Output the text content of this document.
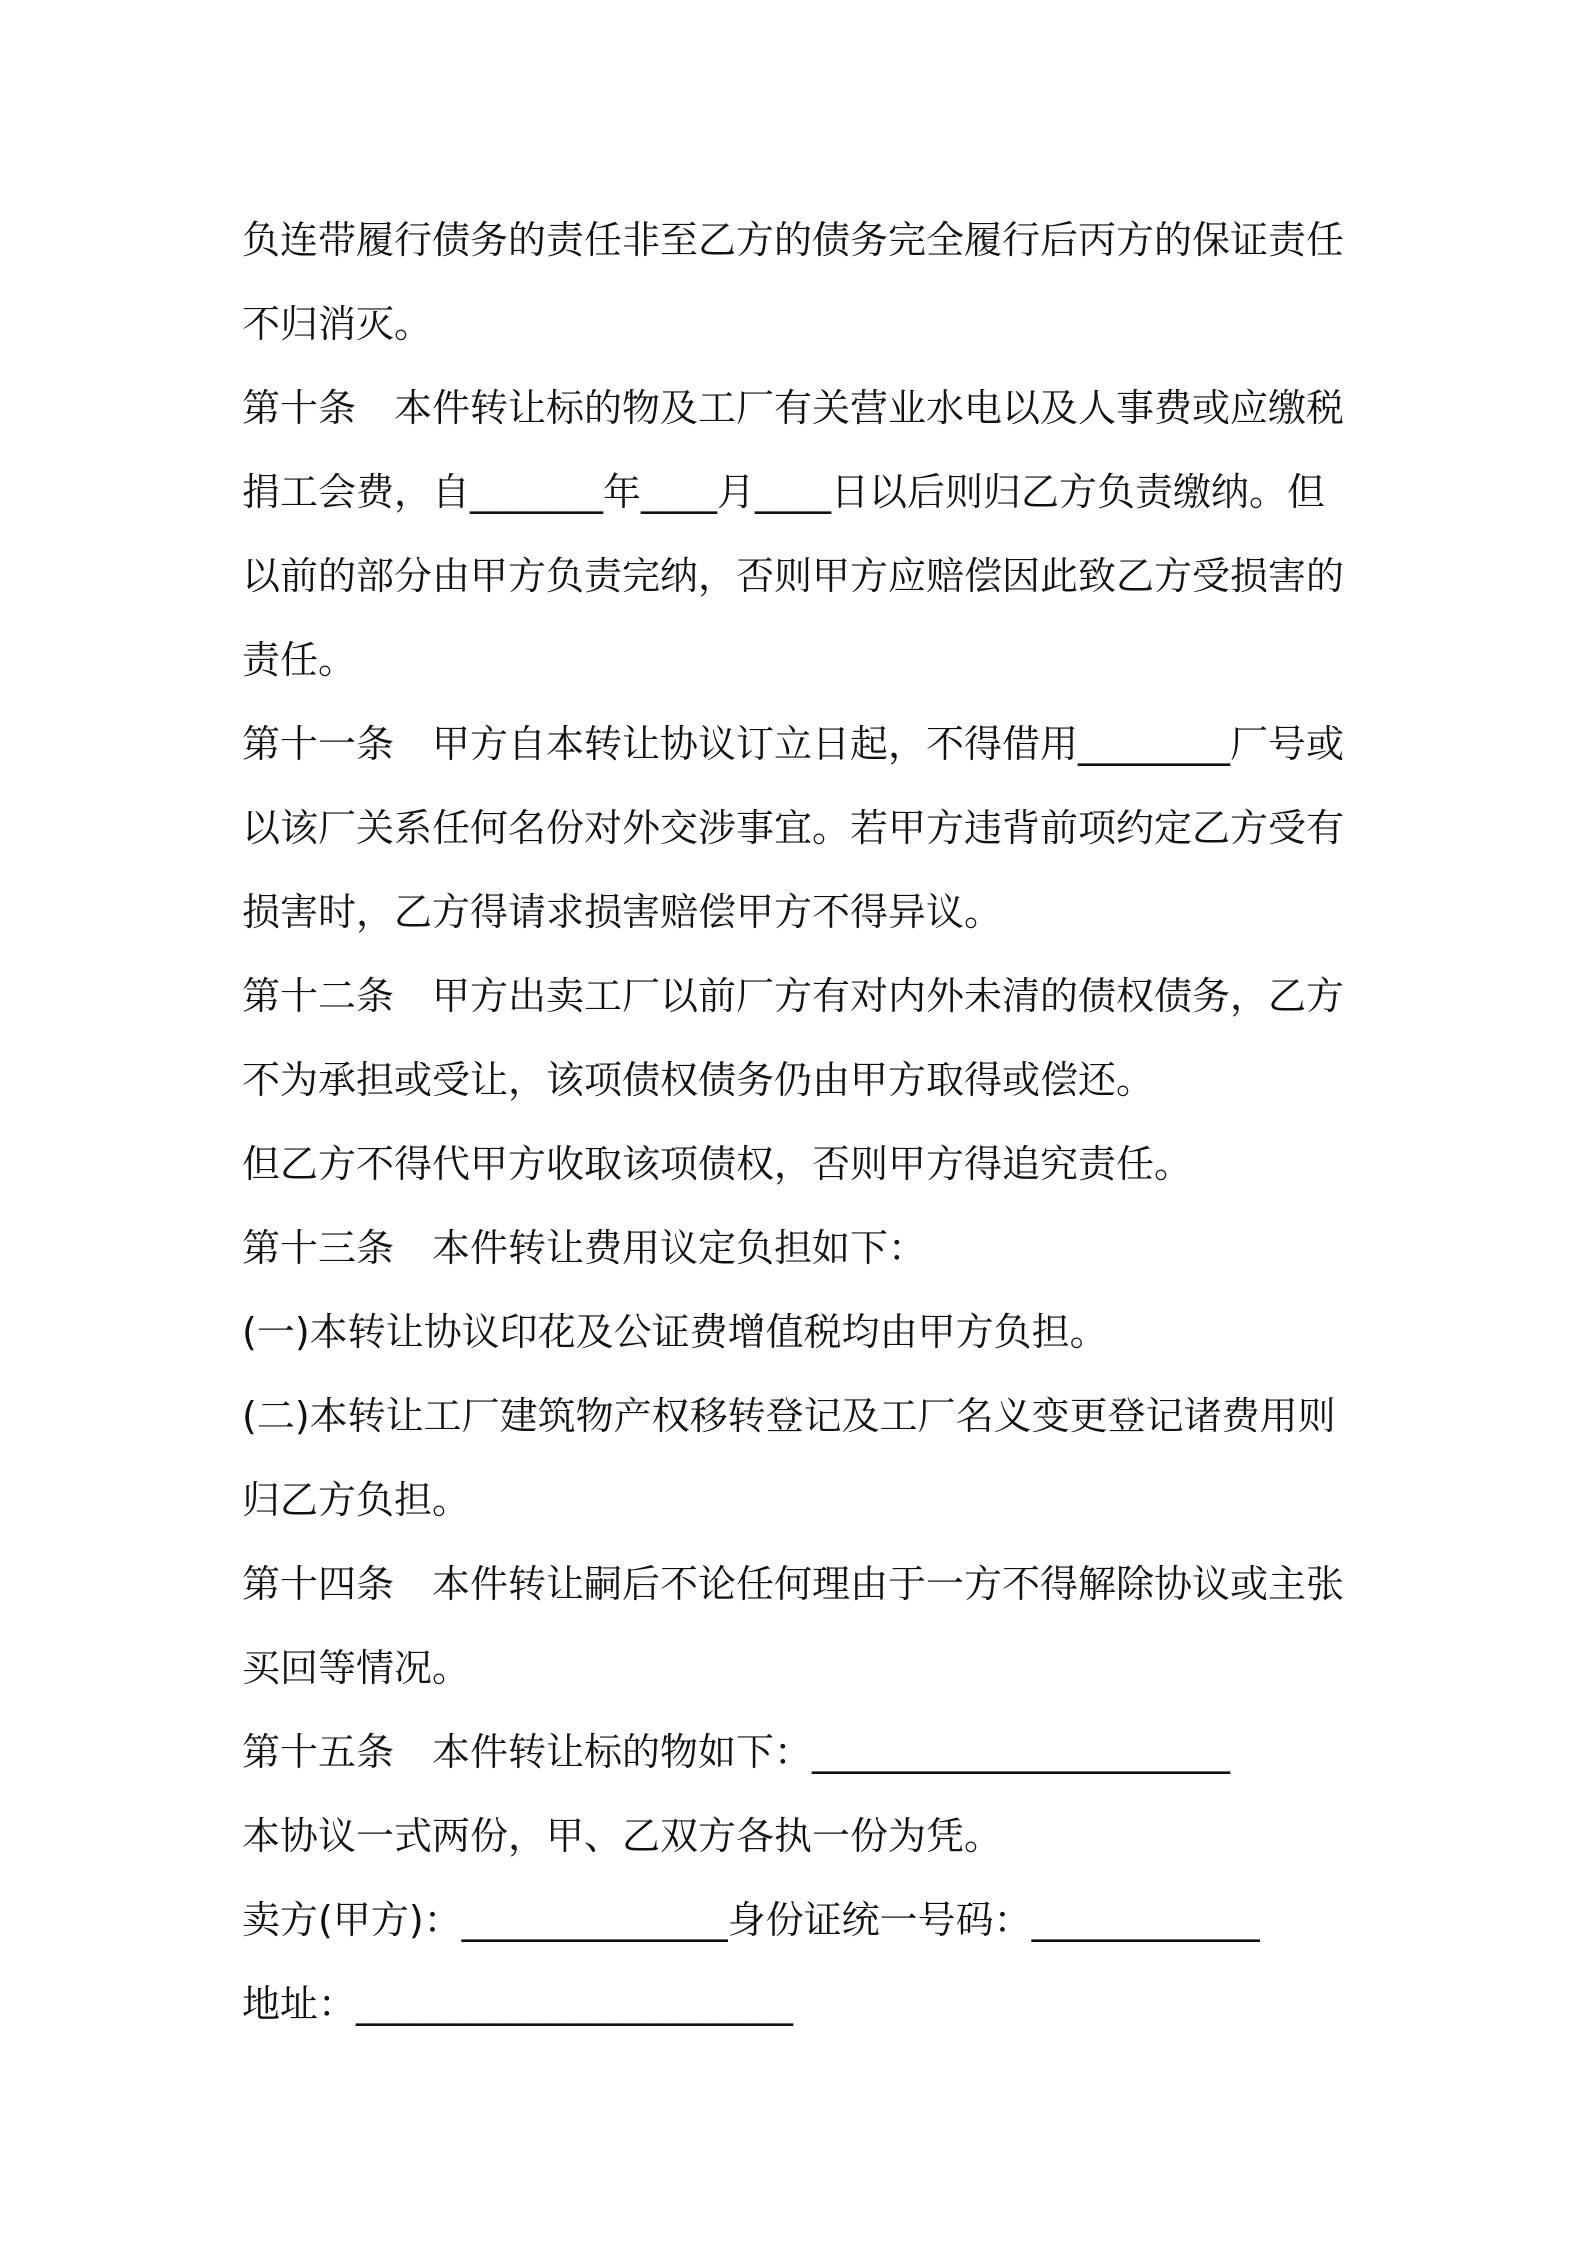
负连带履行债务的责任非至乙方的债务完全履行后丙方的保证责任不归消灭。

第十条　本件转让标的物及工厂有关营业水电以及人事费或应缴税捐工会费，自_______年____月____日以后则归乙方负责缴纳。但以前的部分由甲方负责完纳，否则甲方应赔偿因此致乙方受损害的责任。

第十一条　甲方自本转让协议订立日起，不得借用________厂号或以该厂关系任何名份对外交涉事宜。若甲方违背前项约定乙方受有损害时，乙方得请求损害赔偿甲方不得异议。

第十二条　甲方出卖工厂以前厂方有对内外未清的债权债务，乙方不为承担或受让，该项债权债务仍由甲方取得或偿还。

但乙方不得代甲方收取该项债权，否则甲方得追究责任。

第十三条　本件转让费用议定负担如下：

(一)本转让协议印花及公证费增值税均由甲方负担。

(二)本转让工厂建筑物产权移转登记及工厂名义变更登记诸费用则归乙方负担。

第十四条　本件转让嗣后不论任何理由于一方不得解除协议或主张买回等情况。

第十五条　本件转让标的物如下：______________________

本协议一式两份，甲、乙双方各执一份为凭。

卖方(甲方)：______________身份证统一号码：____________

地址：_______________________
